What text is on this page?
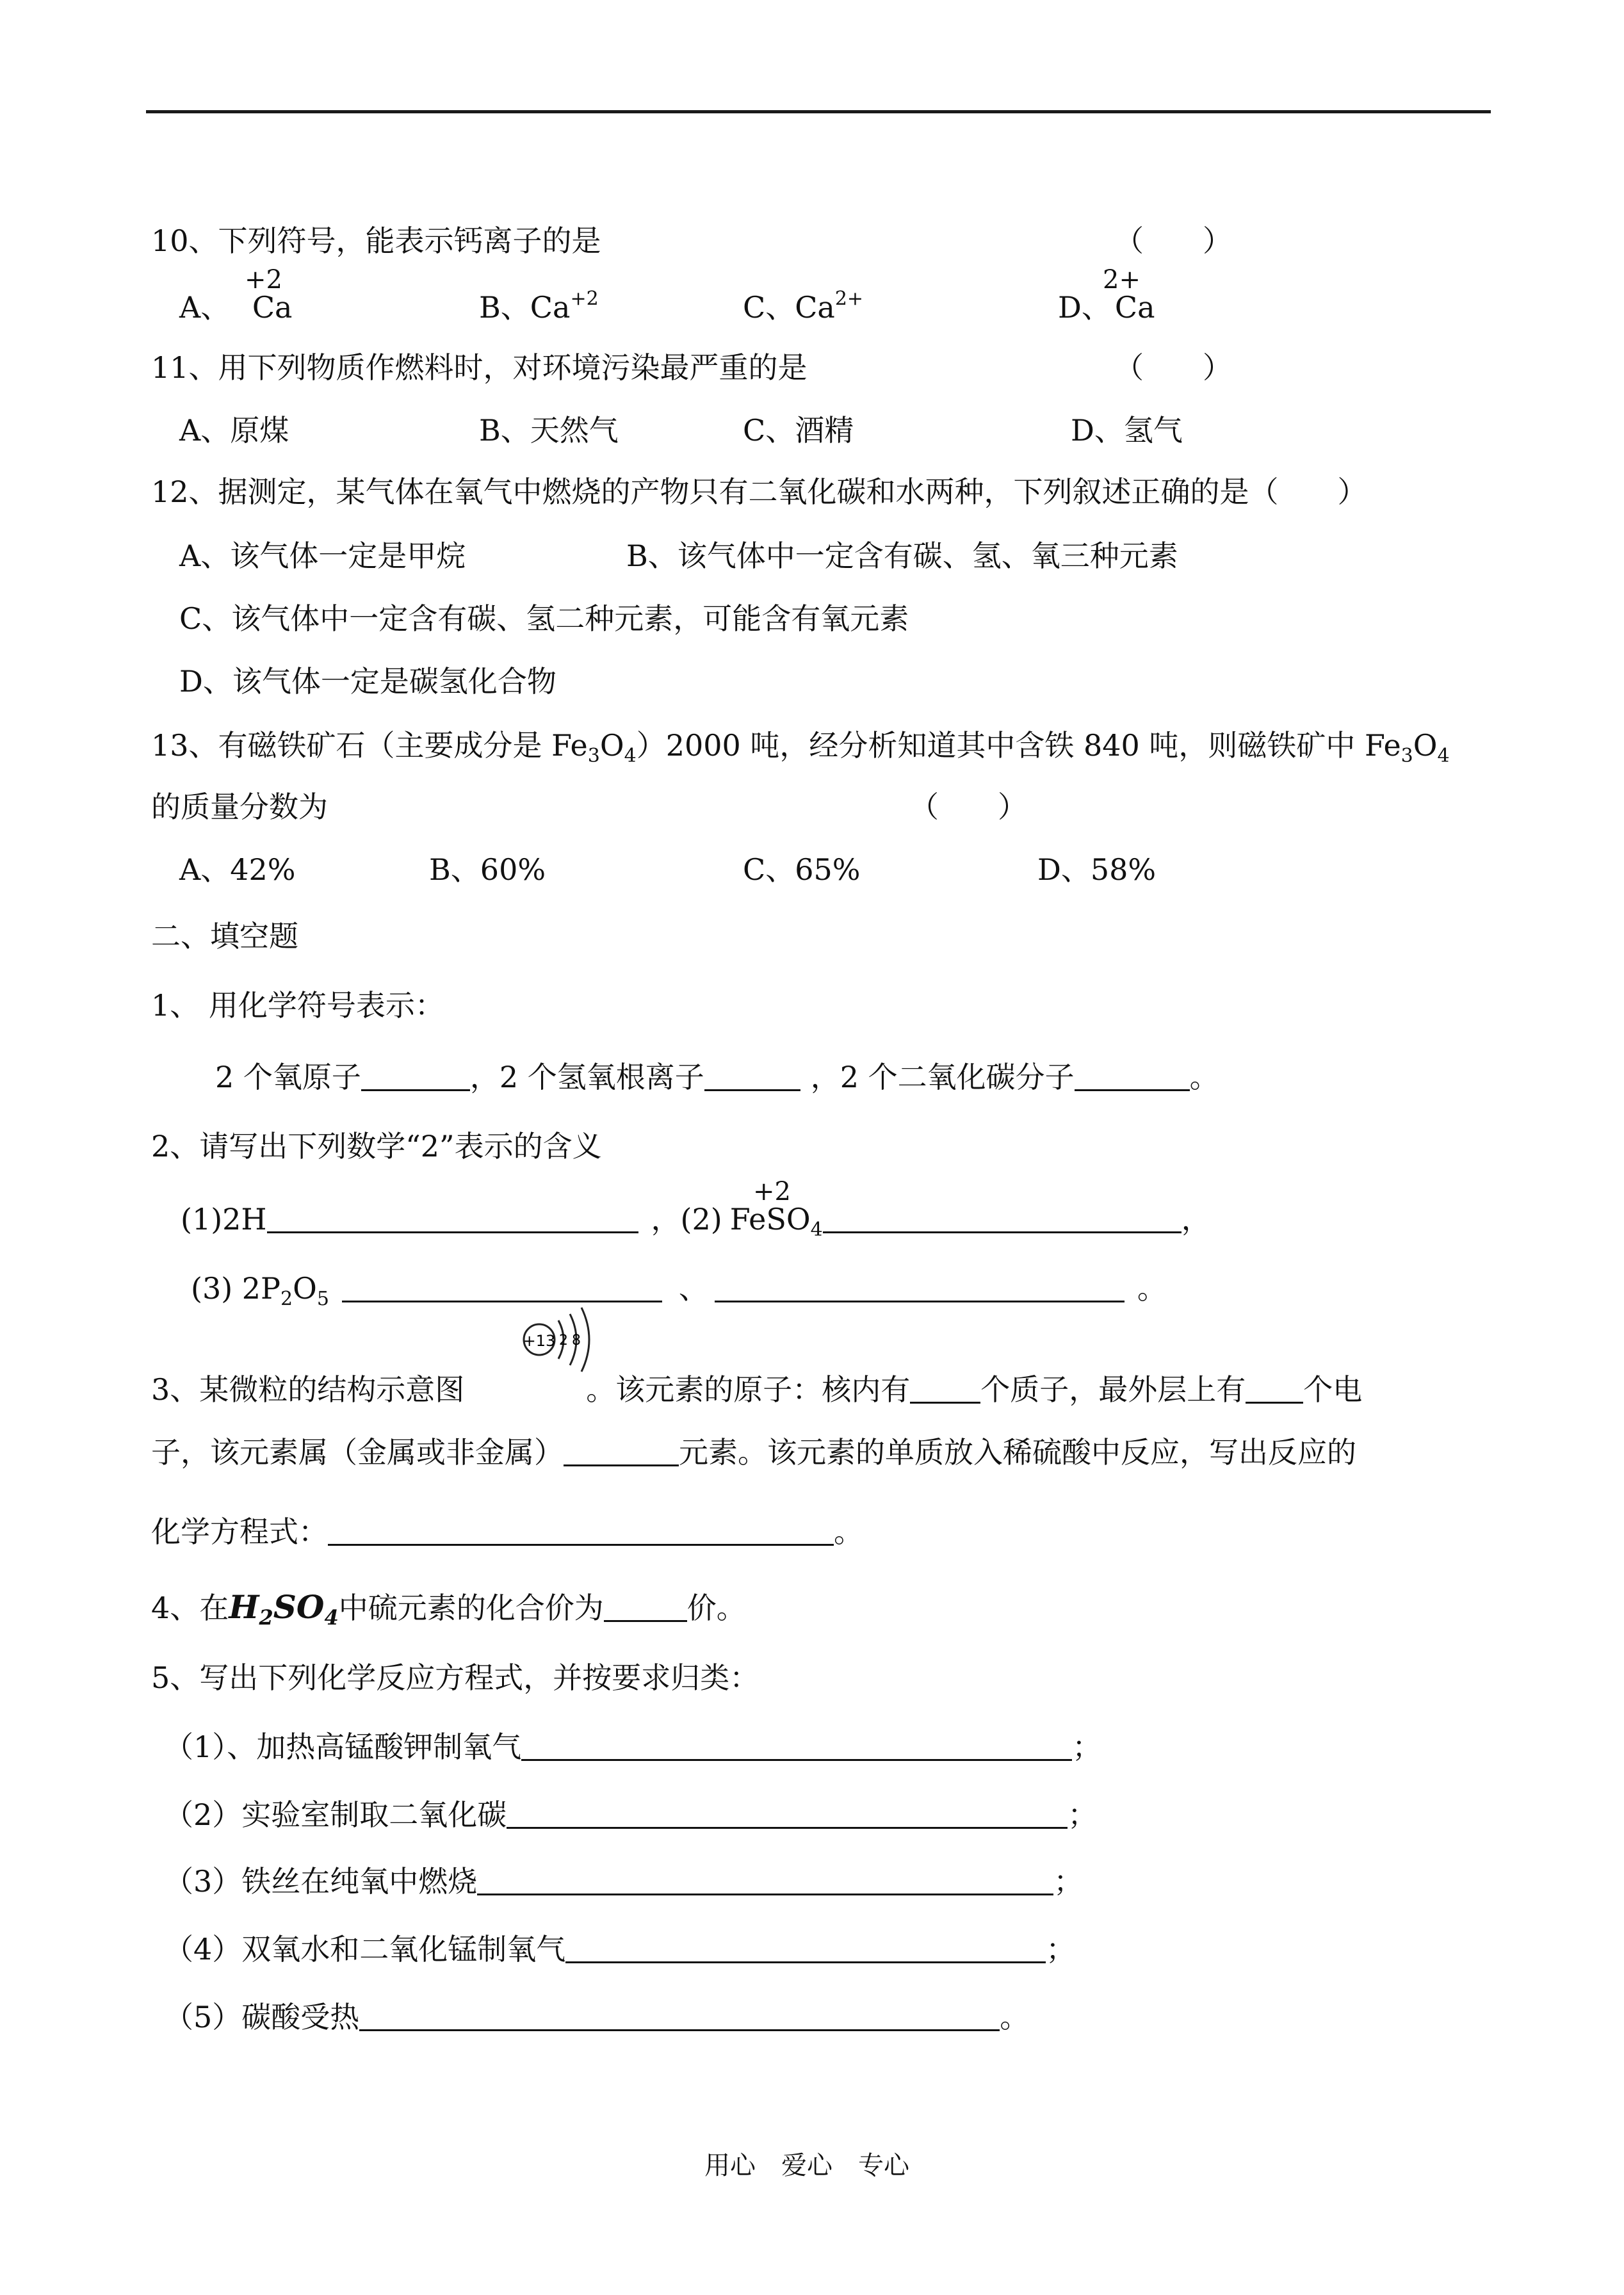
10、下列符号，能表示钙离子的是	（　　）
A、 Ca
+2
B、$Ca^{+2}$	C、$Ca^{2+}$	D、 Ca
2+
11、用下列物质作燃料时，对环境污染最严重的是	（　　）
A、原煤	B、天然气	C、酒精	D、氢气
12、据测定，某气体在氧气中燃烧的产物只有二氧化碳和水两种，下列叙述正确的是（　　）
A、该气体一定是甲烷	B、该气体中一定含有碳、氢、氧三种元素
C、该气体中一定含有碳、氢二种元素，可能含有氧元素
D、该气体一定是碳氢化合物
13、有磁铁矿石（主要成分是 $Fe_3O_4)2000$ 吨，经分析知道其中含铁 840 吨，则磁铁矿中 $Fe_3O_4$
的质量分数为	（　　）
A、42%	B、60%	C、65%	D、58%
二、填空题
1、 用化学符号表示：
2 个氧原子	，2 个氢氧根离子	，2 个二氧化碳分子	。
2、请写出下列数学“2”表示的含义
(1)2H	，(2) FeSO$_4$	，
+2
(3) $2P_2O_5$	、	。
3、某微粒的结构示意图	。该元素的原子：核内有 个质子，最外层上有 个电
+13 2 8
子，该元素属（金属或非金属）	元素。该元素的单质放入稀硫酸中反应，写出反应的
化学方程式：	。
4、在$H_2SO_4$中硫元素的化合价为	价。
5、写出下列化学反应方程式，并按要求归类：
（1）、加热高锰酸钾制氧气	；
（2）实验室制取二氧化碳	；
（3）铁丝在纯氧中燃烧	；
（4）双氧水和二氧化锰制氧气	；
（5）碳酸受热	。
用心　爱心　专心
